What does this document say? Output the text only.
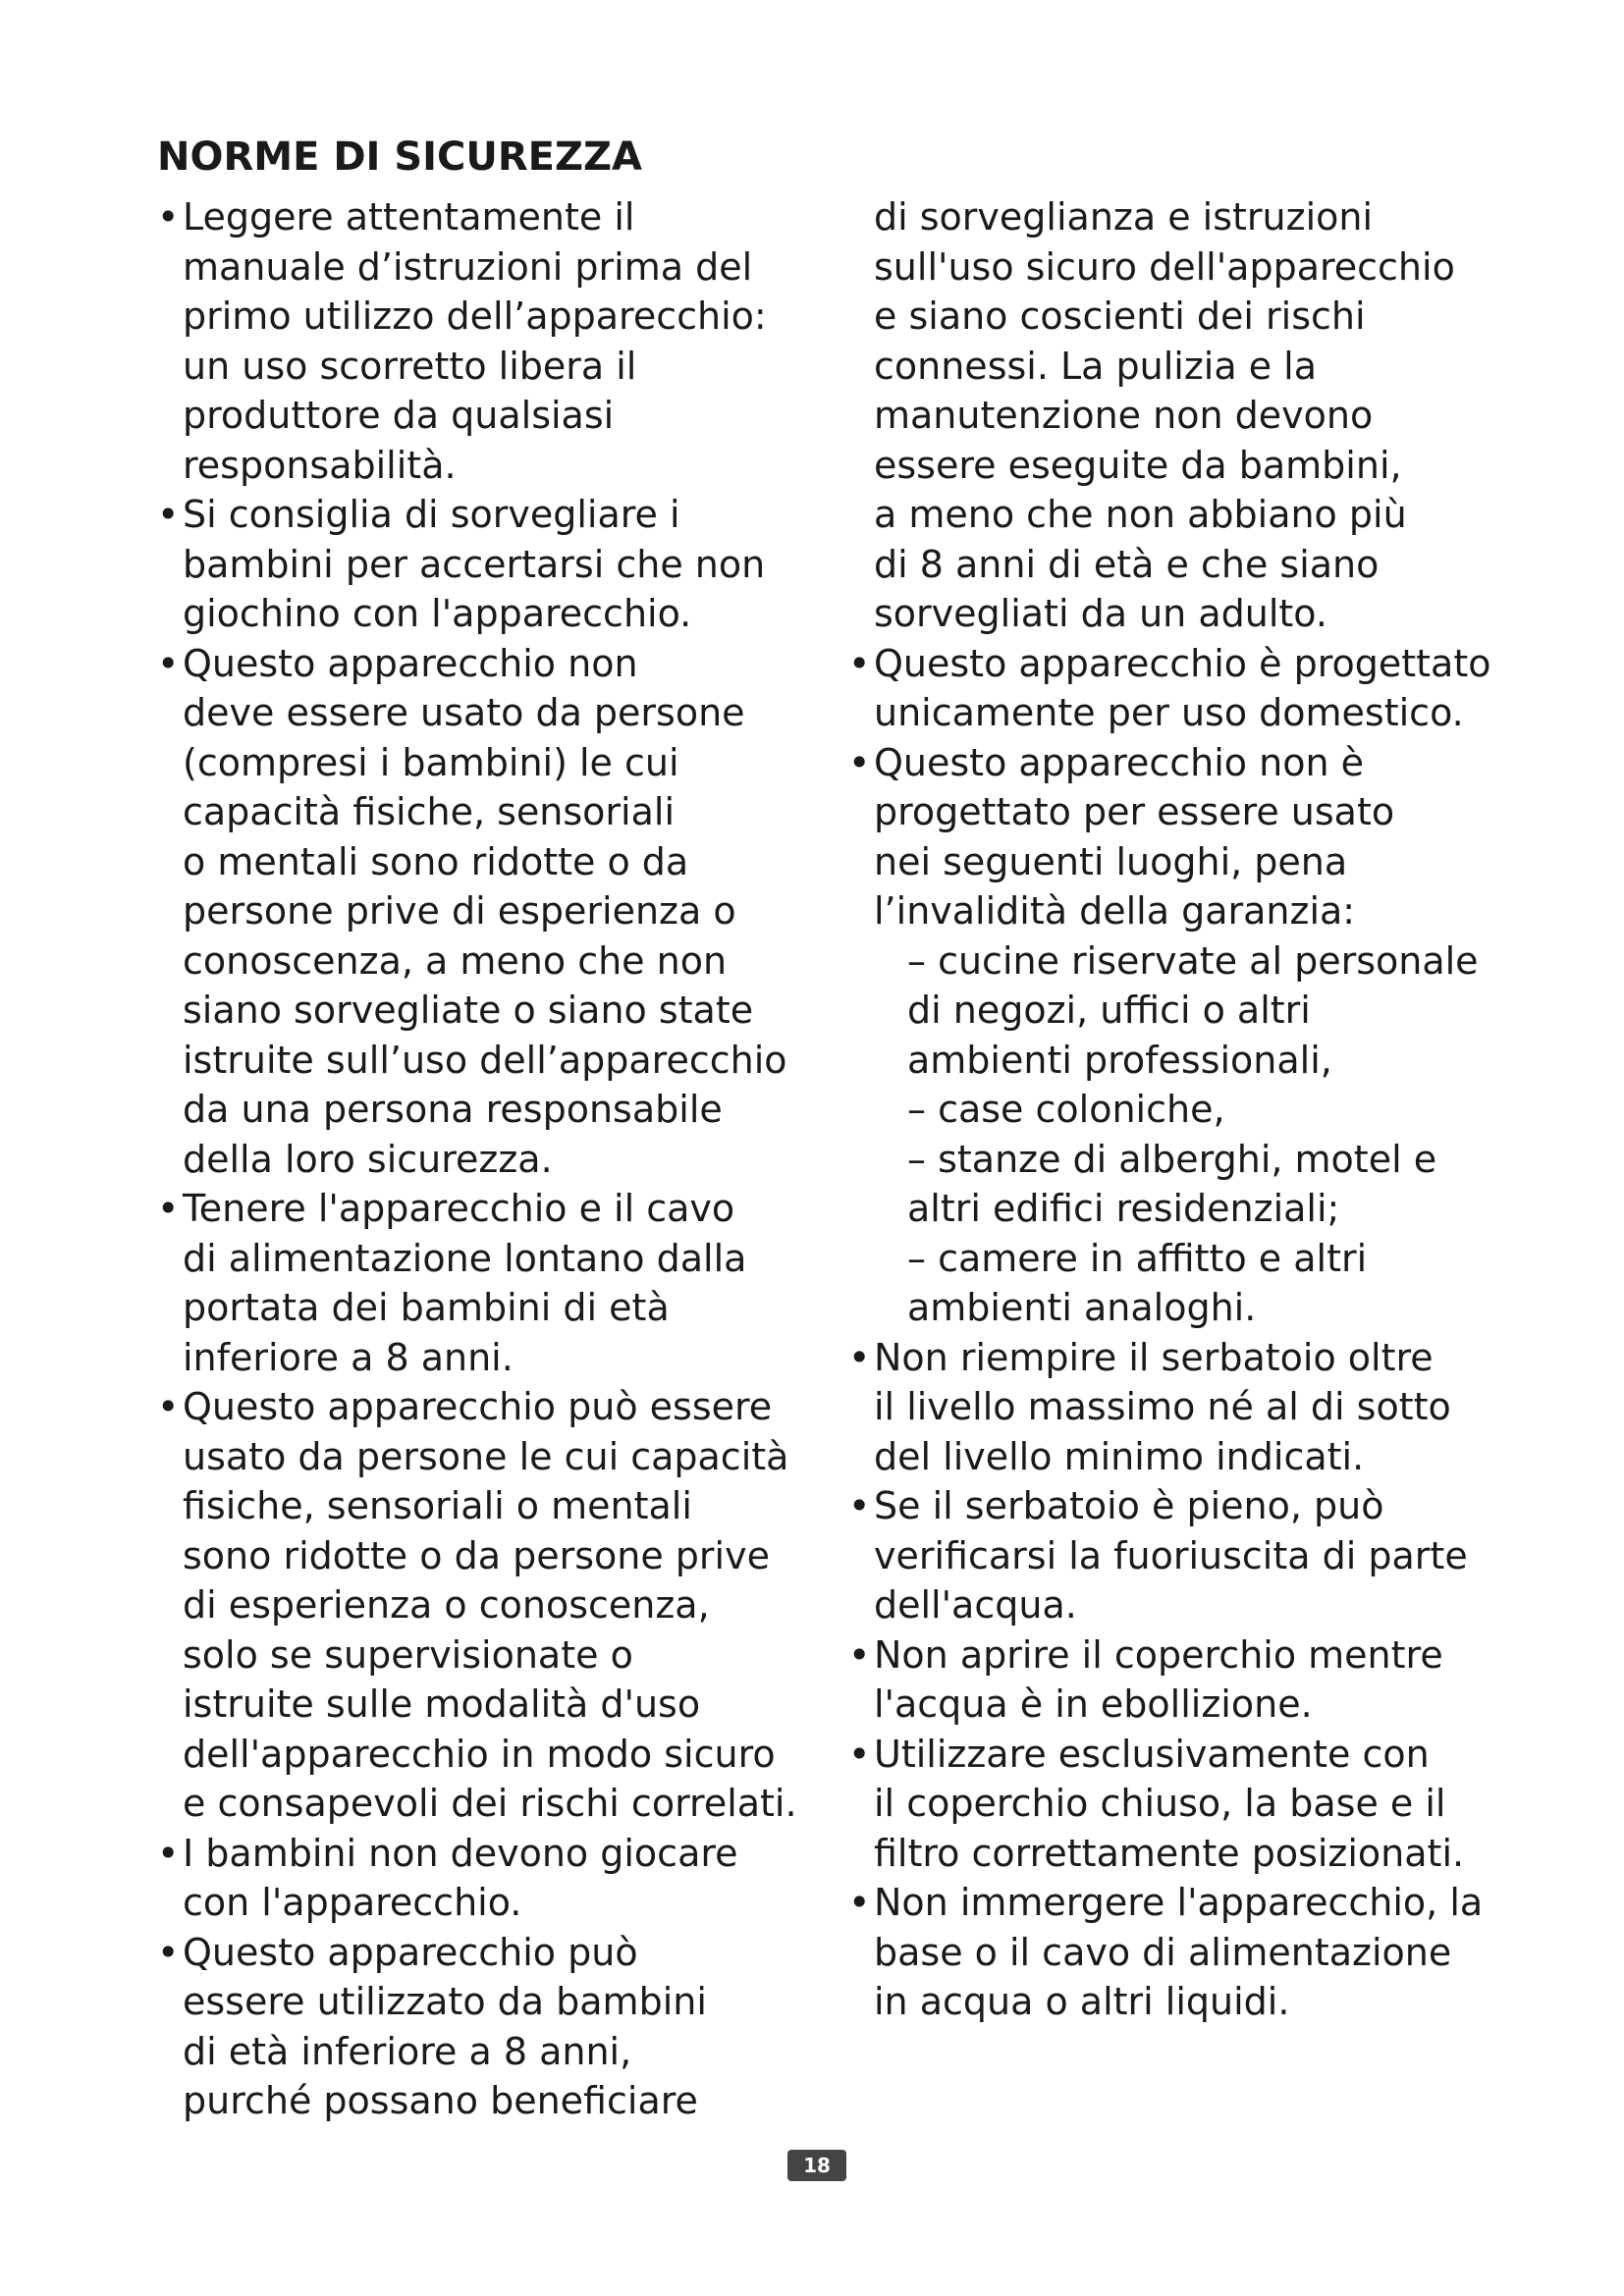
NORME DI SICUREZZA
•Leggere attentamente il
manuale d’istruzioni prima del
primo utilizzo dell’apparecchio:
un uso scorretto libera il
produttore da qualsiasi
responsabilità.
•Si consiglia di sorvegliare i
bambini per accertarsi che non
giochino con l'apparecchio.
•Questo apparecchio non
deve essere usato da persone
(compresi i bambini) le cui
capacità fisiche, sensoriali
o mentali sono ridotte o da
persone prive di esperienza o
conoscenza, a meno che non
siano sorvegliate o siano state
istruite sull’uso dell’apparecchio
da una persona responsabile
della loro sicurezza.
•Tenere l'apparecchio e il cavo
di alimentazione lontano dalla
portata dei bambini di età
inferiore a 8 anni.
•Questo apparecchio può essere
usato da persone le cui capacità
fisiche, sensoriali o mentali
sono ridotte o da persone prive
di esperienza o conoscenza,
solo se supervisionate o
istruite sulle modalità d'uso
dell'apparecchio in modo sicuro
e consapevoli dei rischi correlati.
•I bambini non devono giocare
con l'apparecchio.
•Questo apparecchio può
essere utilizzato da bambini
di età inferiore a 8 anni,
purché possano beneficiare
di sorveglianza e istruzioni
sull'uso sicuro dell'apparecchio
e siano coscienti dei rischi
connessi. La pulizia e la
manutenzione non devono
essere eseguite da bambini,
a meno che non abbiano più
di 8 anni di età e che siano
sorvegliati da un adulto.
•Questo apparecchio è progettato
unicamente per uso domestico.
•Questo apparecchio non è
progettato per essere usato
nei seguenti luoghi, pena
l’invalidità della garanzia:
– cucine riservate al personale
di negozi, uffici o altri
ambienti professionali,
– case coloniche,
– stanze di alberghi, motel e
altri edifici residenziali;
– camere in affitto e altri
ambienti analoghi.
•Non riempire il serbatoio oltre
il livello massimo né al di sotto
del livello minimo indicati.
•Se il serbatoio è pieno, può
verificarsi la fuoriuscita di parte
dell'acqua.
•Non aprire il coperchio mentre
l'acqua è in ebollizione.
•Utilizzare esclusivamente con
il coperchio chiuso, la base e il
filtro correttamente posizionati.
•Non immergere l'apparecchio, la
base o il cavo di alimentazione
in acqua o altri liquidi.
18
